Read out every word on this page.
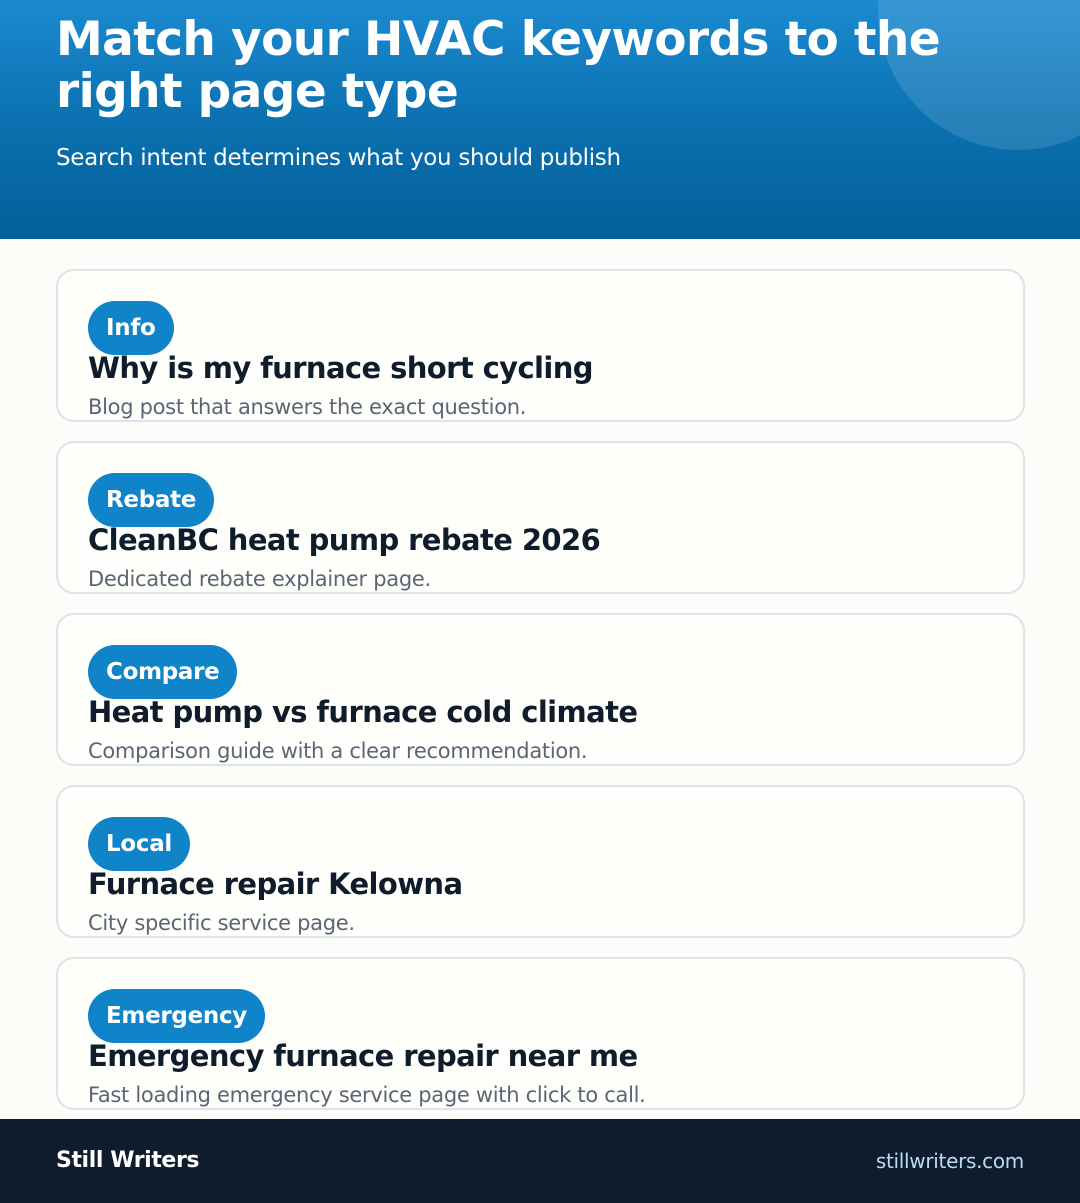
Match your HVAC keywords to the right page type

Search intent determines what you should publish

Info
Why is my furnace short cycling
Blog post that answers the exact question.
Rebate
CleanBC heat pump rebate 2026
Dedicated rebate explainer page.
Compare
Heat pump vs furnace cold climate
Comparison guide with a clear recommendation.
Local
Furnace repair Kelowna
City specific service page.
Emergency
Emergency furnace repair near me
Fast loading emergency service page with click to call.
Still Writers	stillwriters.com
